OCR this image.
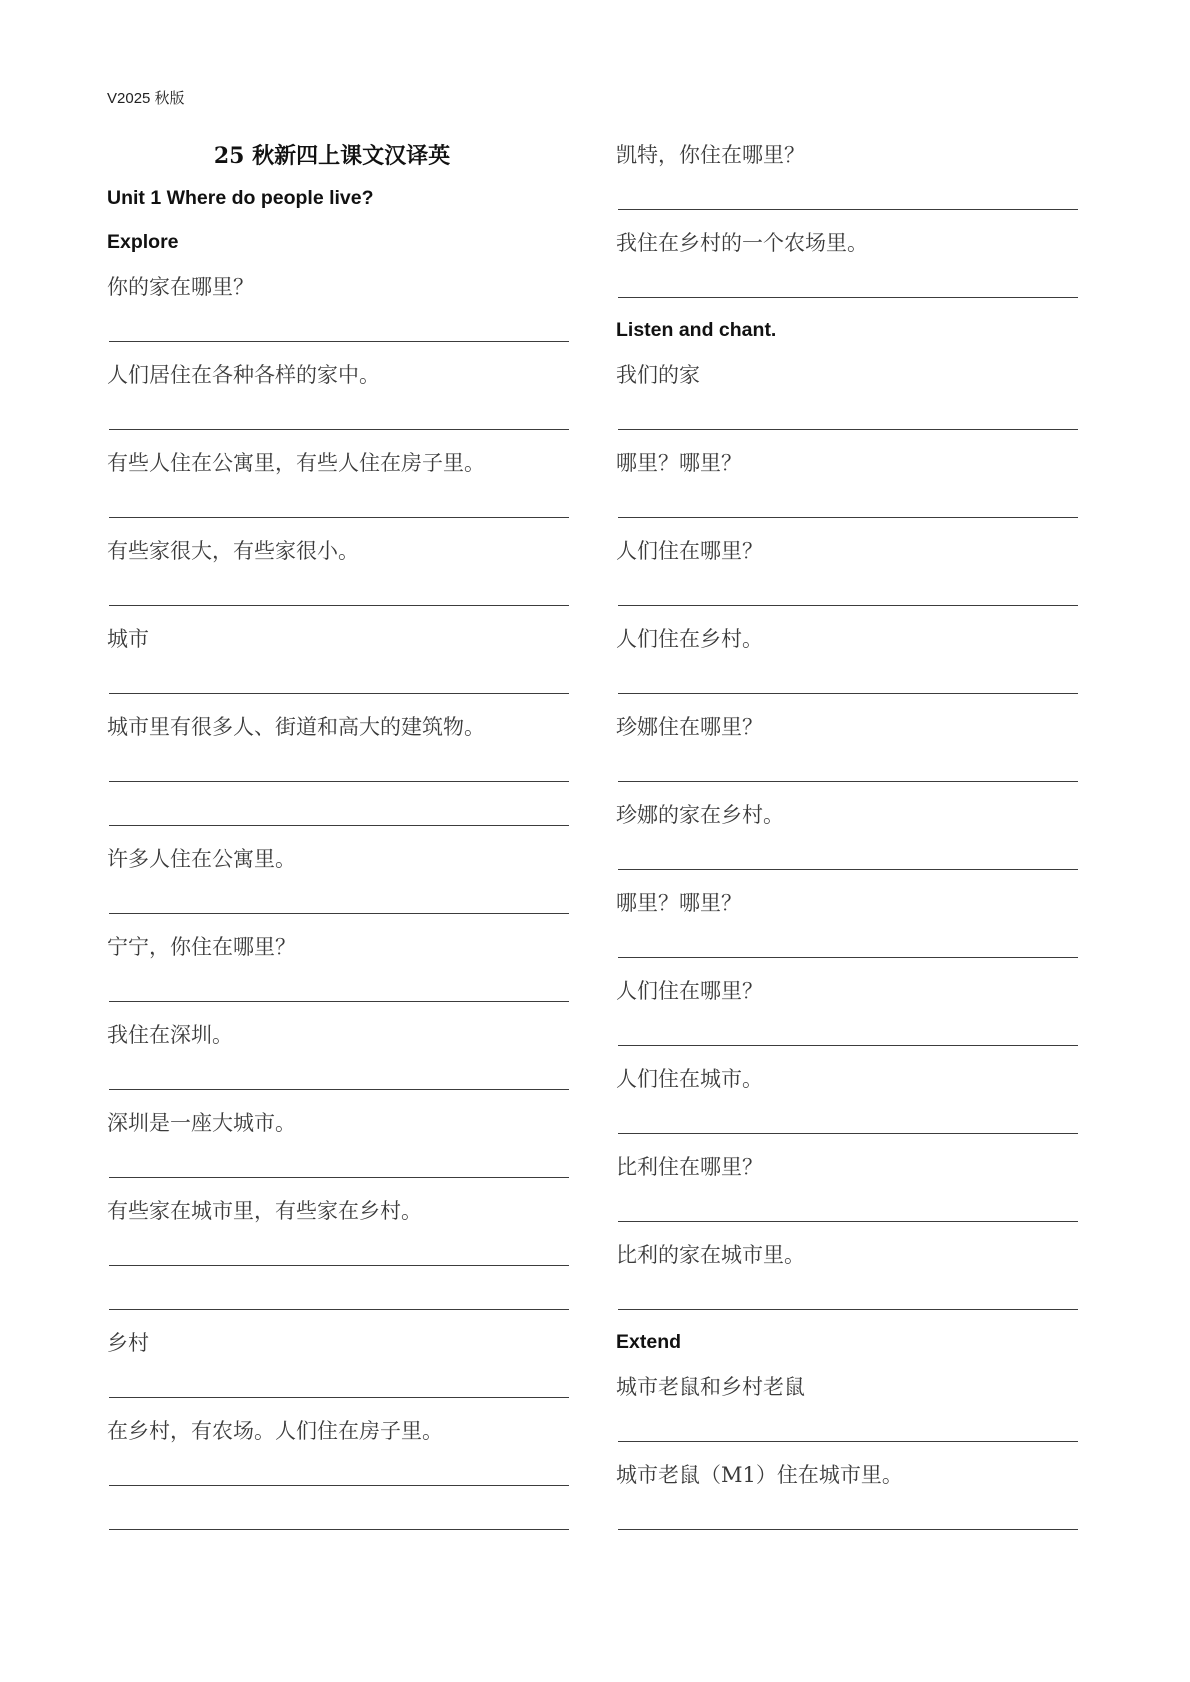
V2025 秋版
25 秋新四上课文汉译英
Unit 1 Where do people live?
Explore
你的家在哪里？
人们居住在各种各样的家中。
有些人住在公寓里，有些人住在房子里。
有些家很大，有些家很小。
城市
城市里有很多人、街道和高大的建筑物。
许多人住在公寓里。
宁宁，你住在哪里？
我住在深圳。
深圳是一座大城市。
有些家在城市里，有些家在乡村。
乡村
在乡村，有农场。人们住在房子里。
凯特，你住在哪里？
我住在乡村的一个农场里。
Listen and chant.
我们的家
哪里？哪里？
人们住在哪里？
人们住在乡村。
珍娜住在哪里？
珍娜的家在乡村。
哪里？哪里？
人们住在哪里？
人们住在城市。
比利住在哪里？
比利的家在城市里。
Extend
城市老鼠和乡村老鼠
城市老鼠（M1）住在城市里。
